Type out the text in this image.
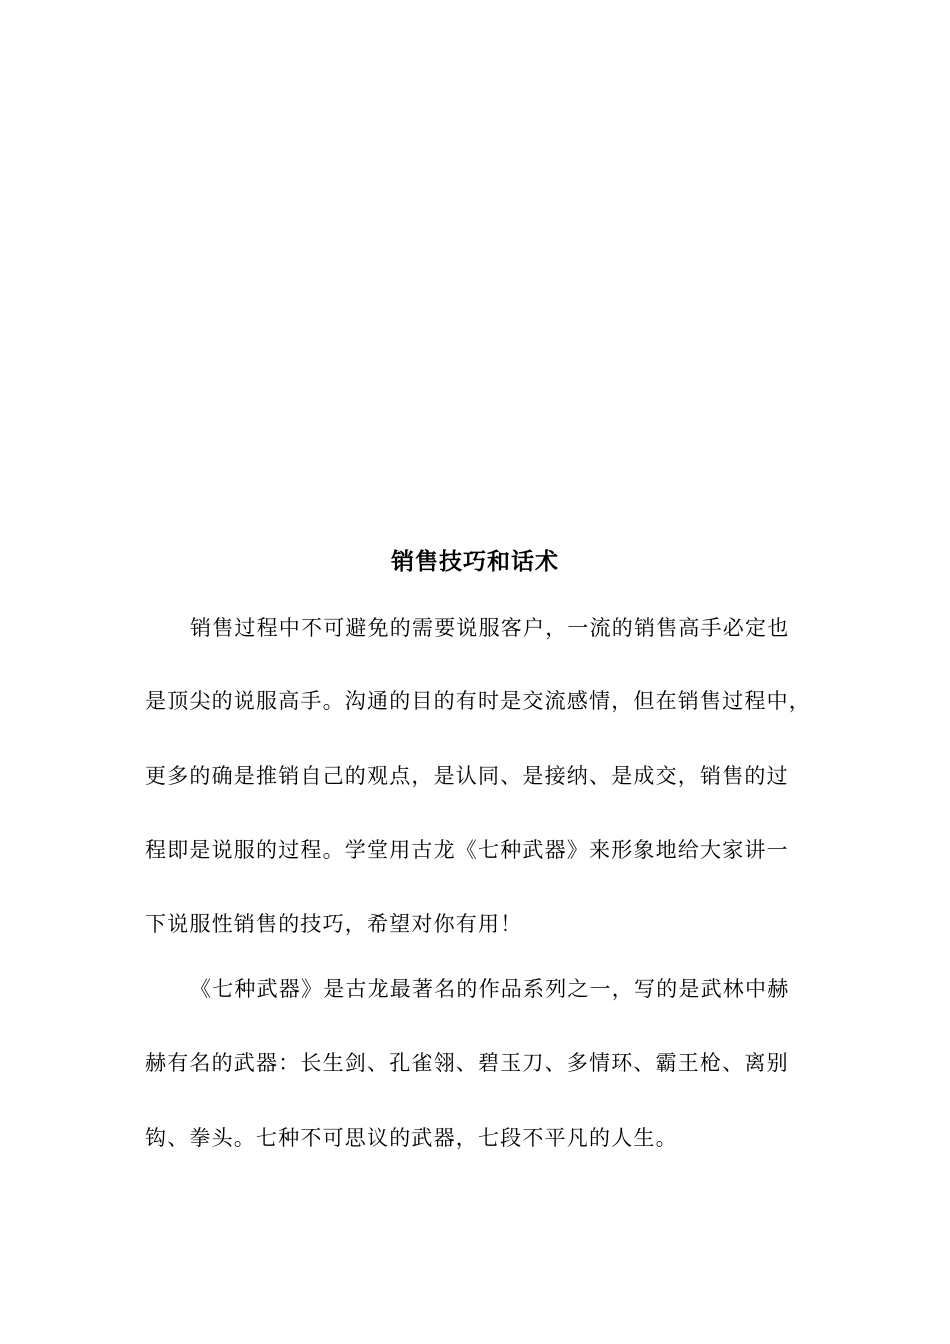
销售技巧和话术
销售过程中不可避免的需要说服客户，一流的销售高手必定也
是顶尖的说服高手。沟通的目的有时是交流感情，但在销售过程中，
更多的确是推销自己的观点，是认同、是接纳、是成交，销售的过
程即是说服的过程。学堂用古龙《七种武器》来形象地给大家讲一
下说服性销售的技巧，希望对你有用！
《七种武器》是古龙最著名的作品系列之一，写的是武林中赫
赫有名的武器：长生剑、孔雀翎、碧玉刀、多情环、霸王枪、离别
钩、拳头。七种不可思议的武器，七段不平凡的人生。
